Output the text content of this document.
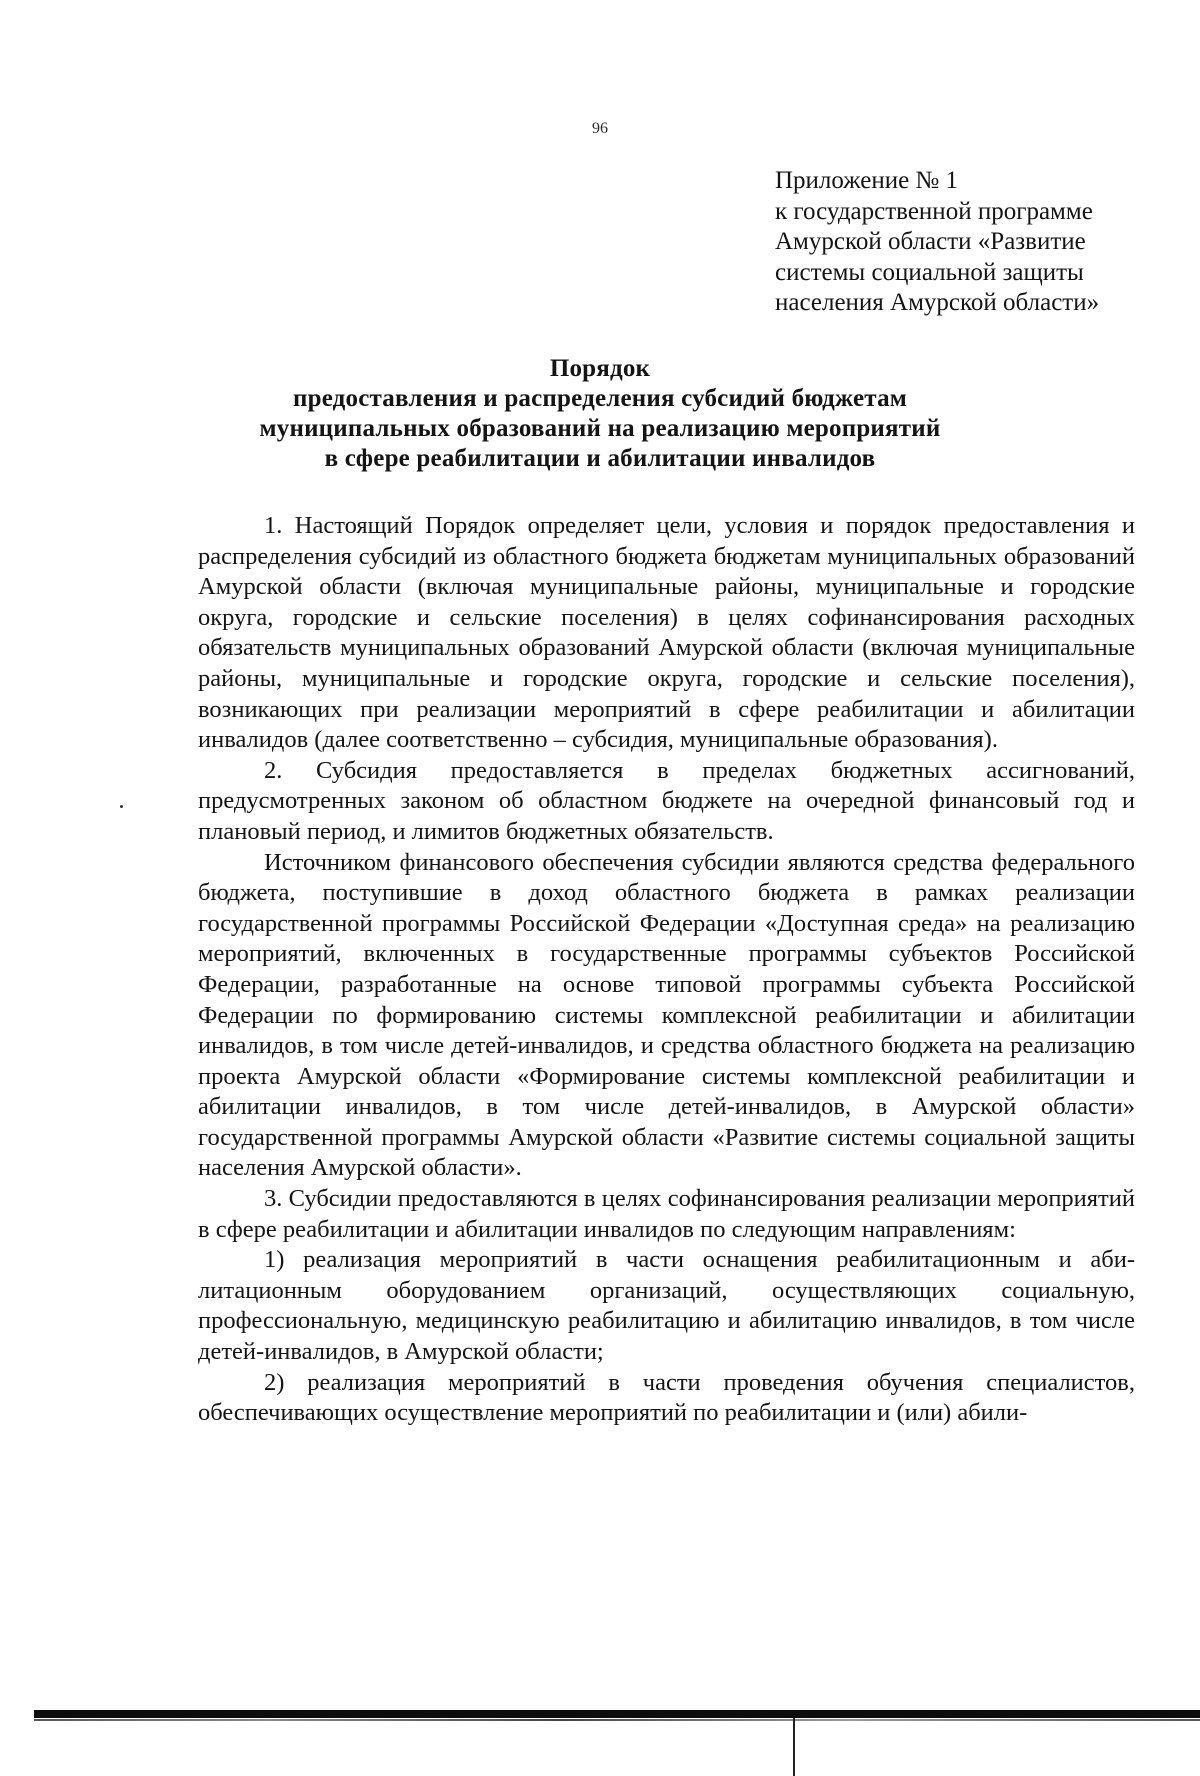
96
Приложение № 1
к государственной программе
Амурской области «Развитие
системы социальной защиты
населения Амурской области»
Порядок
предоставления и распределения субсидий бюджетам
муниципальных образований на реализацию мероприятий
в сфере реабилитации и абилитации инвалидов

1. Настоящий Порядок определяет цели, условия и порядок предоставления и распределения субсидий из областного бюджета бюджетам муниципальных образований Амурской области (включая муниципальные районы, муниципальные и городские округа, городские и сельские поселения) в целях софинансирования расходных обязательств муниципальных образований Амурской области (включая муниципальные районы, муниципальные и городские округа, городские и сельские поселения), возникающих при реализации мероприятий в сфере реабилитации и абилитации инвалидов (далее соответственно – субсидия, муниципальные образования).

2. Субсидия предоставляется в пределах бюджетных ассигнований, предусмотренных законом об областном бюджете на очередной финансовый год и плановый период, и лимитов бюджетных обязательств.

Источником финансового обеспечения субсидии являются средства федерального бюджета, поступившие в доход областного бюджета в рамках реализации государственной программы Российской Федерации «Доступная среда» на реализацию мероприятий, включенных в государственные программы субъектов Российской Федерации, разработанные на основе типовой программы субъекта Российской Федерации по формированию системы комплексной реабилитации и абилитации инвалидов, в том числе детей-инвалидов, и средства областного бюджета на реализацию проекта Амурской области «Формирование системы комплексной реабилитации и абилитации инвалидов, в том числе детей-инвалидов, в Амурской области» государственной программы Амурской области «Развитие системы социальной защиты населения Амурской области».

3. Субсидии предоставляются в целях софинансирования реализации мероприятий в сфере реабилитации и абилитации инвалидов по следующим направлениям:

1) реализация мероприятий в части оснащения реабилитационным и абилитационным оборудованием организаций, осуществляющих социальную, профессиональную, медицинскую реабилитацию и абилитацию инвалидов, в том числе детей-инвалидов, в Амурской области;

2) реализация мероприятий в части проведения обучения специалистов, обеспечивающих осуществление мероприятий по реабилитации и (или) абили-
